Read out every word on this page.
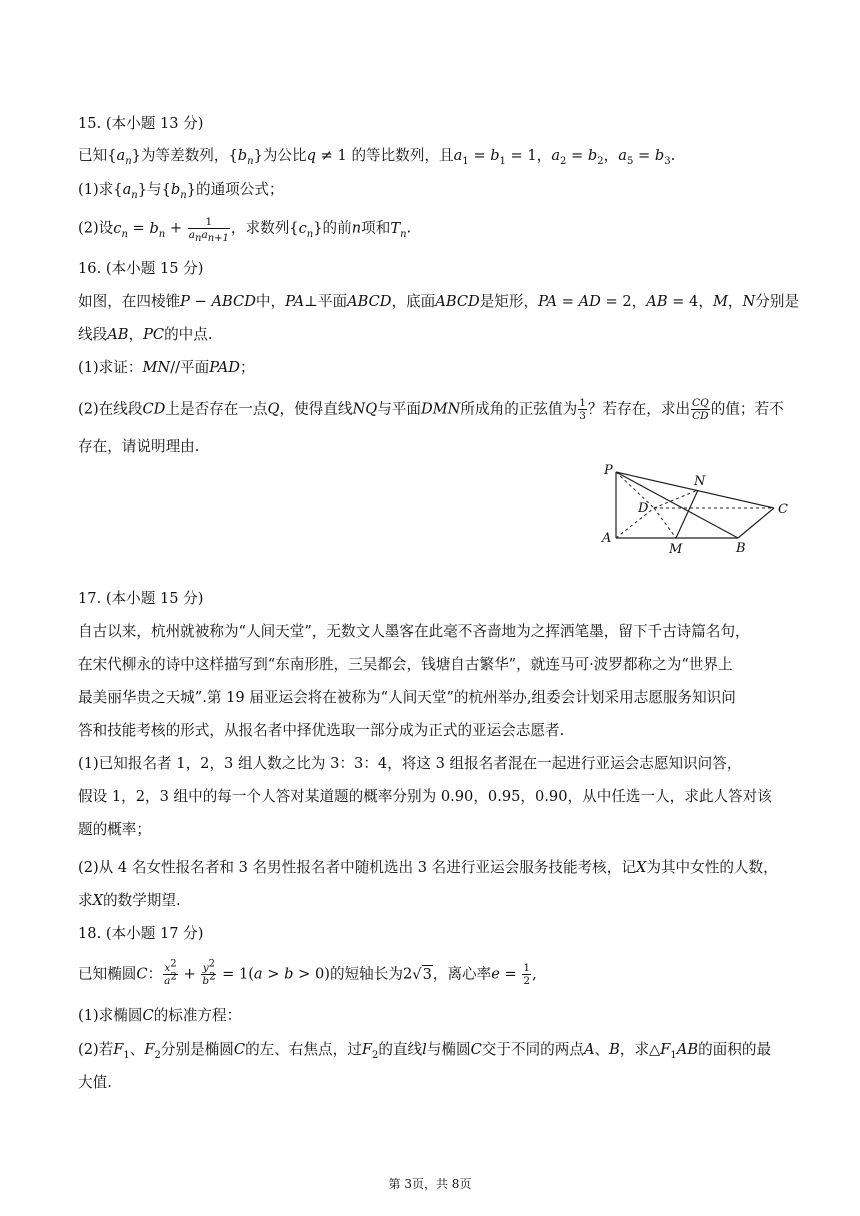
15. (本小题 13 分)
已知$\{a_n\}$为等差数列，$\{b_n\}$为公比q ≠ 1 的等比数列，且$a_1 = b_1 = 1$，$a_2 = b_2$，$a_5 = b_3$.
(1)求$\{a_n\}$与$\{b_n\}$的通项公式；
(2)设$c_n = b_n + \frac{1}{a_na_{n+1}}$ ，求数列$\{c_n\}$的前n项和$T_n$.
16. (本小题 15 分)
如图，在四棱锥P − ABCD中，PA⊥平面ABCD，底面ABCD是矩形，PA = AD = 2，AB = 4，M，N分别是
线段AB，PC的中点.
(1)求证：MN//平面PAD；
(2)在线段CD上是否存在一点Q，使得直线NQ与平面DMN所成角的正弦值为 $\frac{1}{3}$ ？若存在，求出 $\frac{CQ}{CD}$ 的值；若不
存在，请说明理由.
P
N
D	C
A
M	B
17. (本小题 15 分)
自古以来，杭州就被称为“人间天堂”，无数文人墨客在此毫不吝啬地为之挥洒笔墨，留下千古诗篇名句，
在宋代柳永的诗中这样描写到“东南形胜，三吴都会，钱塘自古繁华”，就连马可·波罗都称之为“世界上
最美丽华贵之天城”.第 19 届亚运会将在被称为“人间天堂”的杭州举办,组委会计划采用志愿服务知识问
答和技能考核的形式，从报名者中择优选取一部分成为正式的亚运会志愿者.
(1)已知报名者 1，2，3 组人数之比为 3：3：4，将这 3 组报名者混在一起进行亚运会志愿知识问答，
假设 1，2，3 组中的每一个人答对某道题的概率分别为 0.90，0.95，0.90，从中任选一人，求此人答对该
题的概率；
(2)从 4 名女性报名者和 3 名男性报名者中随机选出 3 名进行亚运会服务技能考核，记X为其中女性的人数，
求X的数学期望.
18. (本小题 17 分)
已知椭圆C： $\frac{x^2}{a^2} + \frac{y^2}{b^2} = 1(a > b > 0)$的短轴长为2√3，离心率$e = \frac{1}{2}$ ,
(1)求椭圆C的标准方程：
(2)若$F_1$、$F_2$分别是椭圆C的左、右焦点，过$F_2$的直线l与椭圆C交于不同的两点A、B，求$\triangle F_1AB$的面积的最
大值.
第 3页，共 8页
